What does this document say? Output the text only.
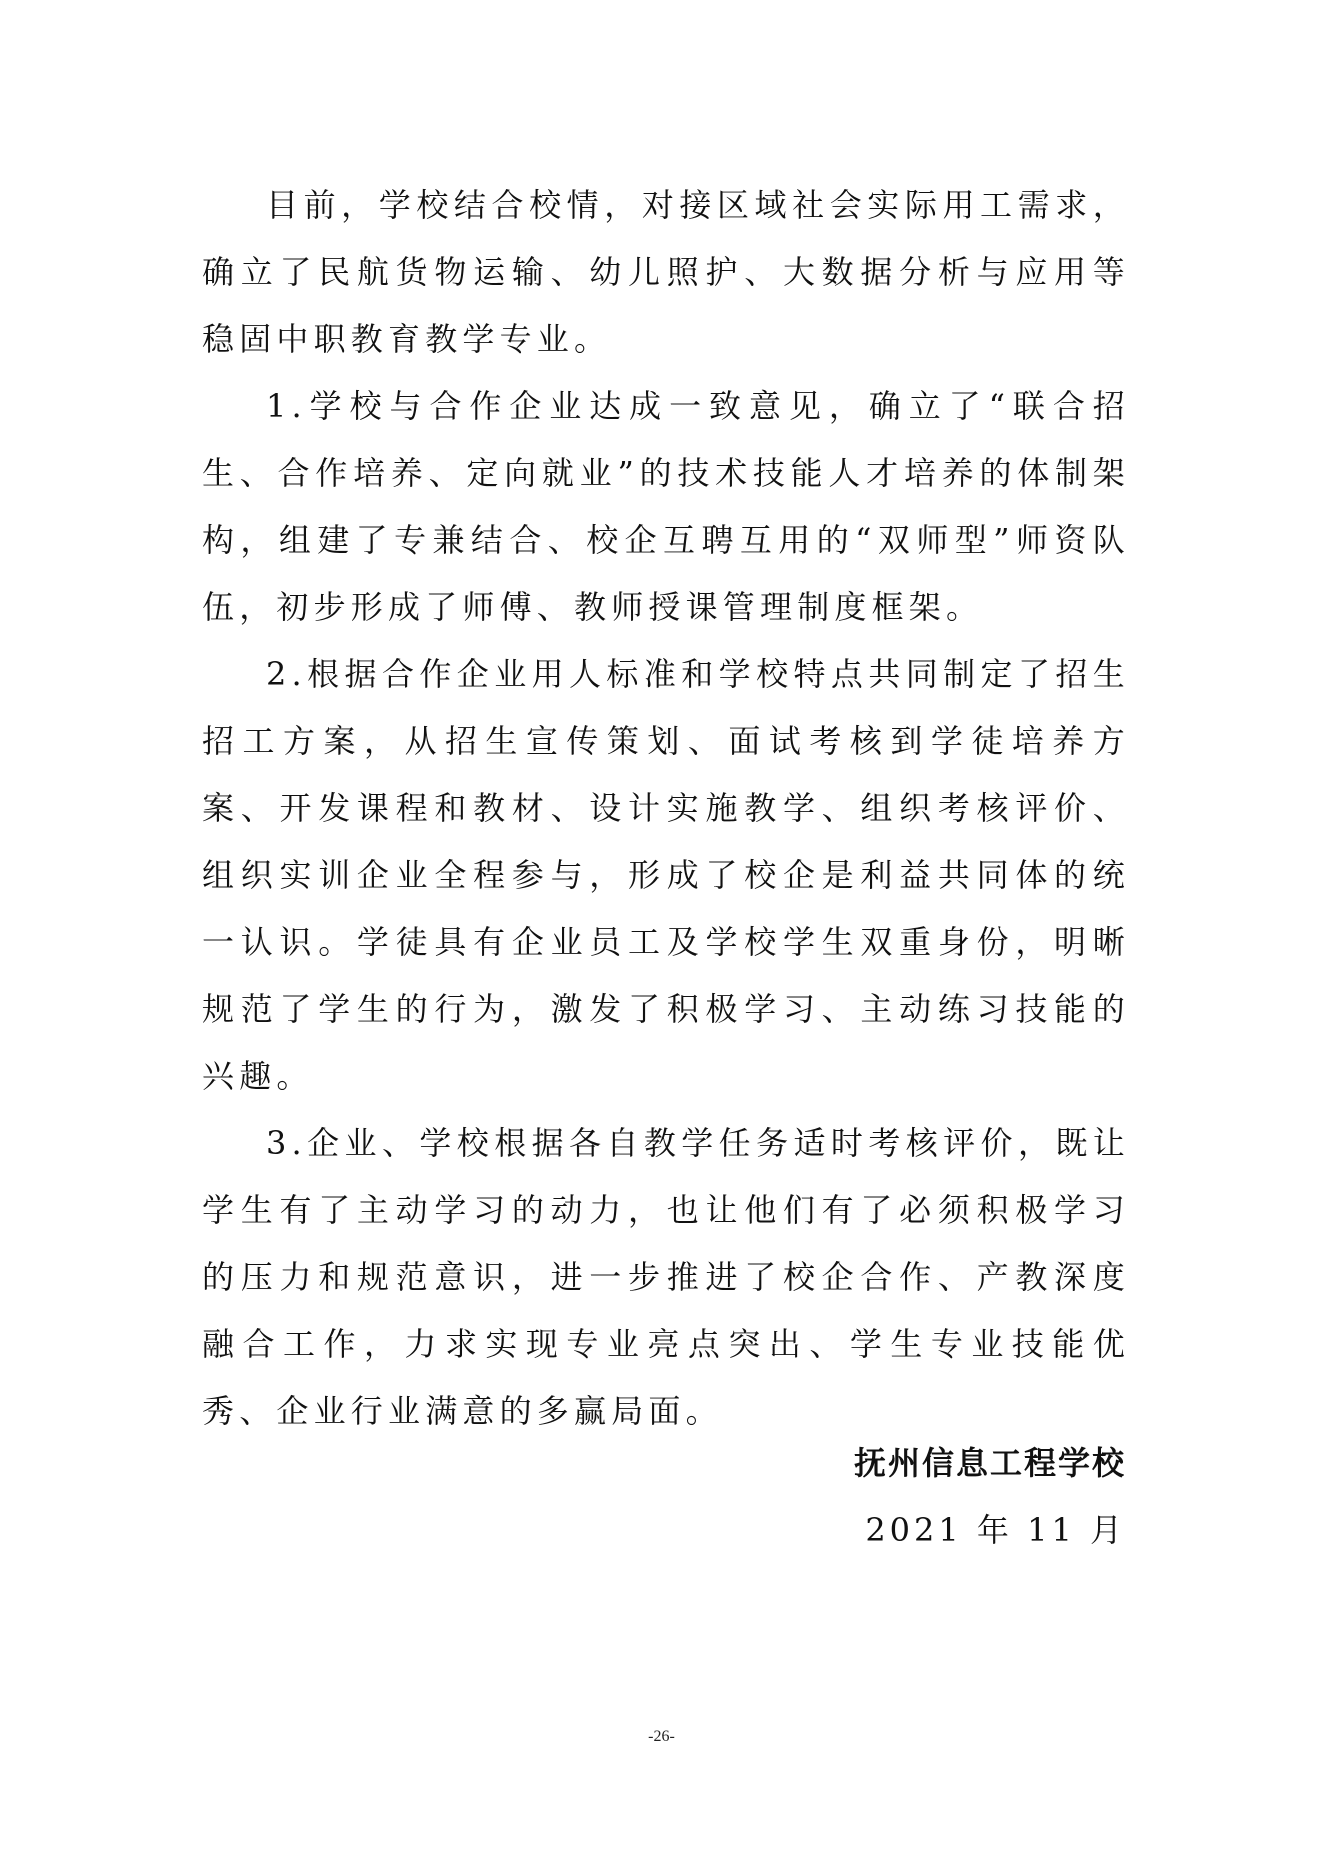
目前，学校结合校情，对接区域社会实际用工需求，确立了民航货物运输、幼儿照护、大数据分析与应用等稳固中职教育教学专业。

1.学校与合作企业达成一致意见，确立了“联合招生、合作培养、定向就业”的技术技能人才培养的体制架构，组建了专兼结合、校企互聘互用的“双师型”师资队伍，初步形成了师傅、教师授课管理制度框架。

2.根据合作企业用人标准和学校特点共同制定了招生招工方案，从招生宣传策划、面试考核到学徒培养方案、开发课程和教材、设计实施教学、组织考核评价、组织实训企业全程参与，形成了校企是利益共同体的统一认识。学徒具有企业员工及学校学生双重身份，明晰规范了学生的行为，激发了积极学习、主动练习技能的兴趣。

3.企业、学校根据各自教学任务适时考核评价，既让学生有了主动学习的动力，也让他们有了必须积极学习的压力和规范意识，进一步推进了校企合作、产教深度融合工作，力求实现专业亮点突出、学生专业技能优秀、企业行业满意的多赢局面。

抚州信息工程学校
2021 年 11 月
-26-
